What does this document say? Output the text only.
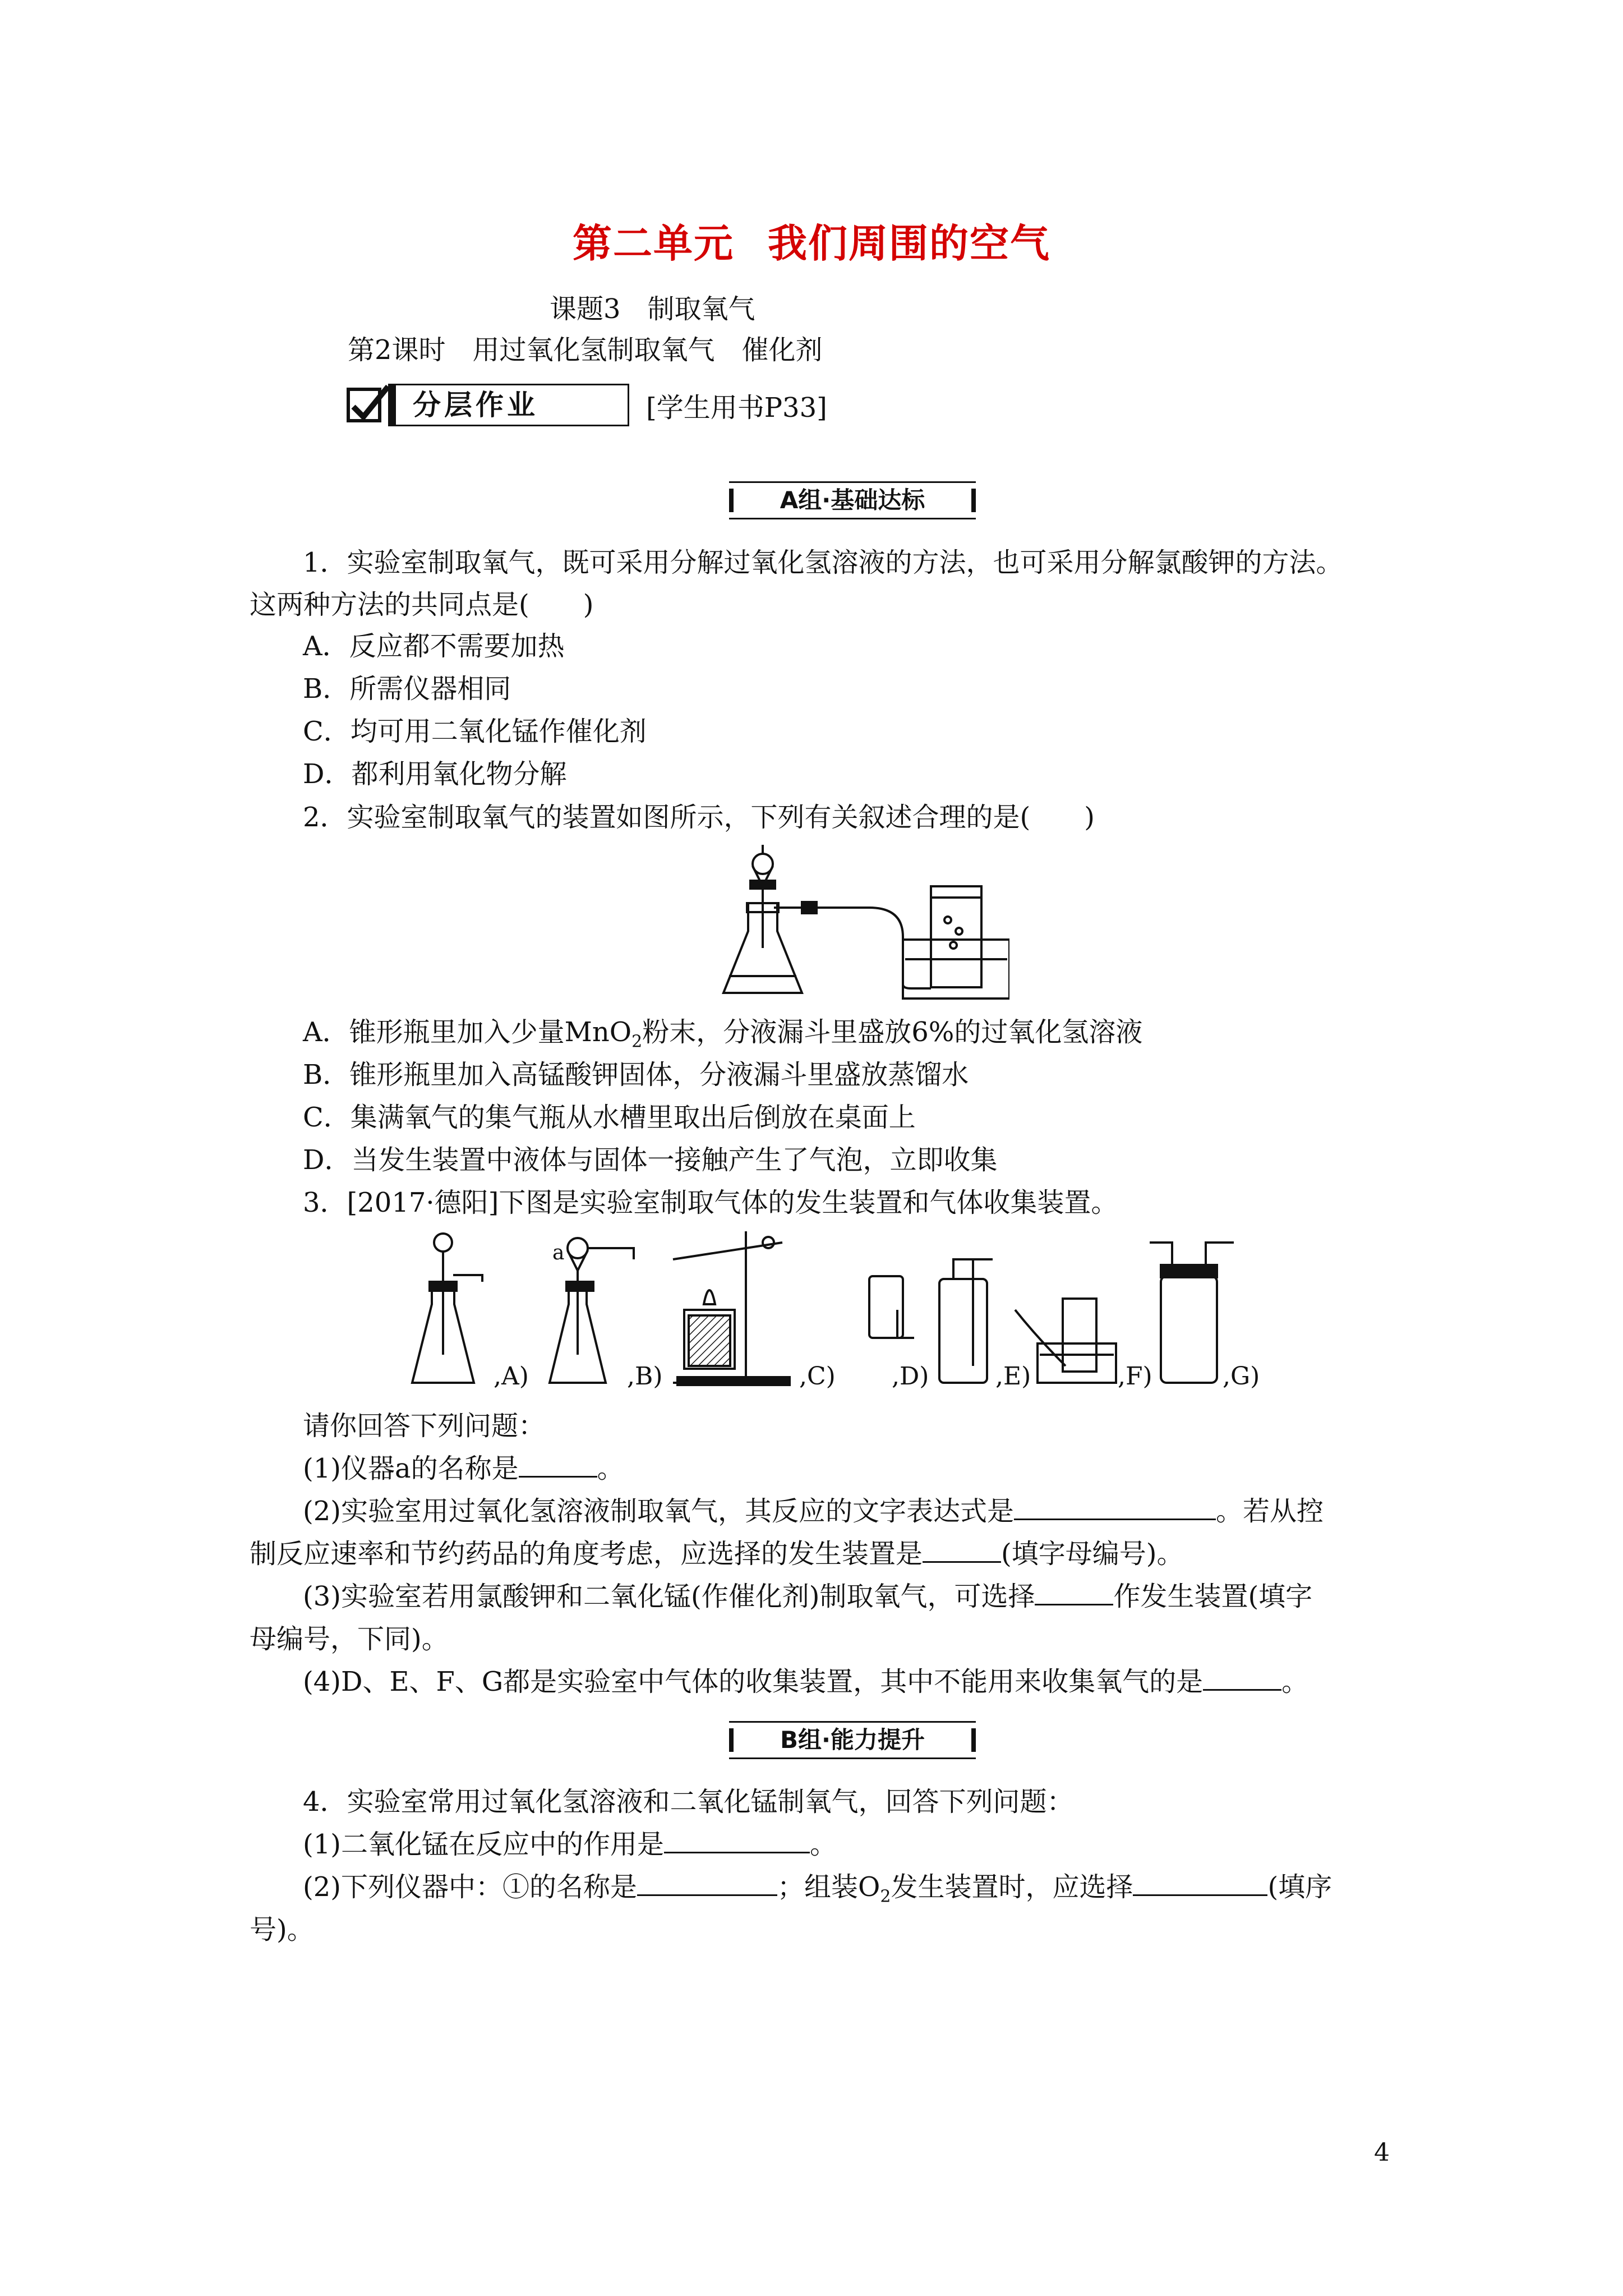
第二单元 我们周围的空气
课题3　制取氧气
第2课时　用过氧化氢制取氧气　催化剂
分层作业	[学生用书P33]
A组·基础达标
1．实验室制取氧气，既可采用分解过氧化氢溶液的方法，也可采用分解氯酸钾的方法。
这两种方法的共同点是(　　)
A．反应都不需要加热
B．所需仪器相同
C．均可用二氧化锰作催化剂
D．都利用氧化物分解
2．实验室制取氧气的装置如图所示，下列有关叙述合理的是(　　)
A．锥形瓶里加入少量MnO$_2$粉末，分液漏斗里盛放6%的过氧化氢溶液
B．锥形瓶里加入高锰酸钾固体，分液漏斗里盛放蒸馏水
C．集满氧气的集气瓶从水槽里取出后倒放在桌面上
D．当发生装置中液体与固体一接触产生了气泡，立即收集
3．[2017·德阳]下图是实验室制取气体的发生装置和气体收集装置。
a
,A)	,B)	,C) ,D)	,E)	,F)	,G)
请你回答下列问题：
(1)仪器a的名称是	。
(2)实验室用过氧化氢溶液制取氧气，其反应的文字表达式是	。若从控
制反应速率和节约药品的角度考虑，应选择的发生装置是	(填字母编号)。
(3)实验室若用氯酸钾和二氧化锰(作催化剂)制取氧气，可选择	作发生装置(填字
母编号，下同)。
(4)D、E、F、G都是实验室中气体的收集装置，其中不能用来收集氧气的是	。
B组·能力提升
4．实验室常用过氧化氢溶液和二氧化锰制氧气，回答下列问题：
(1)二氧化锰在反应中的作用是	。
(2)下列仪器中：①的名称是	；组装$O_2$发生装置时，应选择	(填序
号)。
4
